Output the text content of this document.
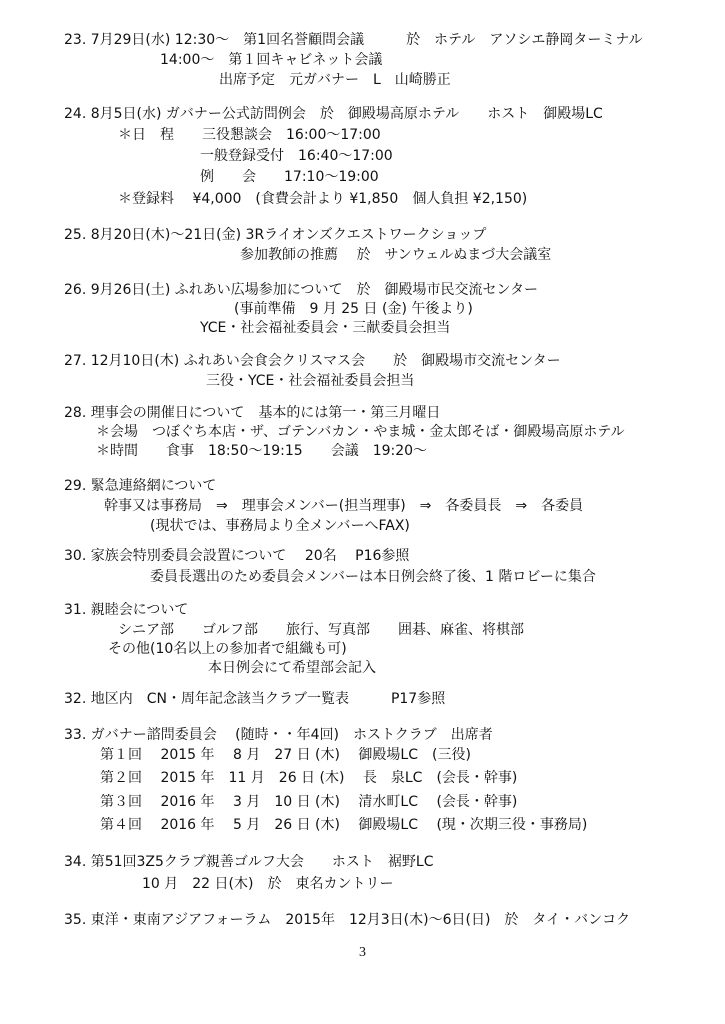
23. 7月29日(水) 12:30～　第1回名誉顧問会議　　　於　ホテル　アソシエ静岡ターミナル
14:00～　第１回キャビネット会議
出席予定　元ガバナー　L　山崎勝正
24. 8月5日(水) ガバナー公式訪問例会　於　御殿場高原ホテル　　ホスト　御殿場LC
＊日　程　　三役懇談会　16:00～17:00
一般登録受付　16:40～17:00
例　　会　　17:10～19:00
＊登録料　 ¥4,000　(食費会計より ¥1,850　個人負担 ¥2,150)
25. 8月20日(木)～21日(金) 3Rライオンズクエストワークショップ
参加教師の推薦　 於　サンウェルぬまづ大会議室
26. 9月26日(土) ふれあい広場参加について　於　御殿場市民交流センター
(事前準備　9 月 25 日 (金) 午後より)
YCE・社会福祉委員会・三献委員会担当
27. 12月10日(木) ふれあい会食会クリスマス会　　於　御殿場市交流センター
三役・YCE・社会福祉委員会担当
28. 理事会の開催日について　基本的には第一・第三月曜日
＊会場　つぼぐち本店・ザ、ゴテンバカン・やま城・金太郎そば・御殿場高原ホテル
＊時間　　食事　18:50～19:15　　会議　19:20～
29. 緊急連絡網について
幹事又は事務局　⇒　理事会メンバー(担当理事)　⇒　各委員長　⇒　各委員
(現状では、事務局より全メンバーへFAX)
30. 家族会特別委員会設置について　 20名　 P16参照
委員長選出のため委員会メンバーは本日例会終了後、1 階ロビーに集合
31. 親睦会について
シニア部　　ゴルフ部　　旅行、写真部　　囲碁、麻雀、将棋部
その他(10名以上の参加者で組織も可)
本日例会にて希望部会記入
32. 地区内　CN・周年記念該当クラブ一覧表　　　P17参照
33. ガバナー諮問委員会　 (随時・・年4回)　ホストクラブ　出席者
第１回　 2015 年　 8 月　27 日 (木)　 御殿場LC　(三役)
第２回　 2015 年　11 月　26 日 (木)　 長　泉LC　(会長・幹事)
第３回　 2016 年　 3 月　10 日 (木)　 清水町LC　 (会長・幹事)
第４回　 2016 年　 5 月　26 日 (木)　 御殿場LC　 (現・次期三役・事務局)
34. 第51回3Z5クラブ親善ゴルフ大会　　ホスト　裾野LC
10 月　22 日(木)　於　東名カントリー
35. 東洋・東南アジアフォーラム　2015年　12月3日(木)～6日(日)　於　タイ・バンコク
3
